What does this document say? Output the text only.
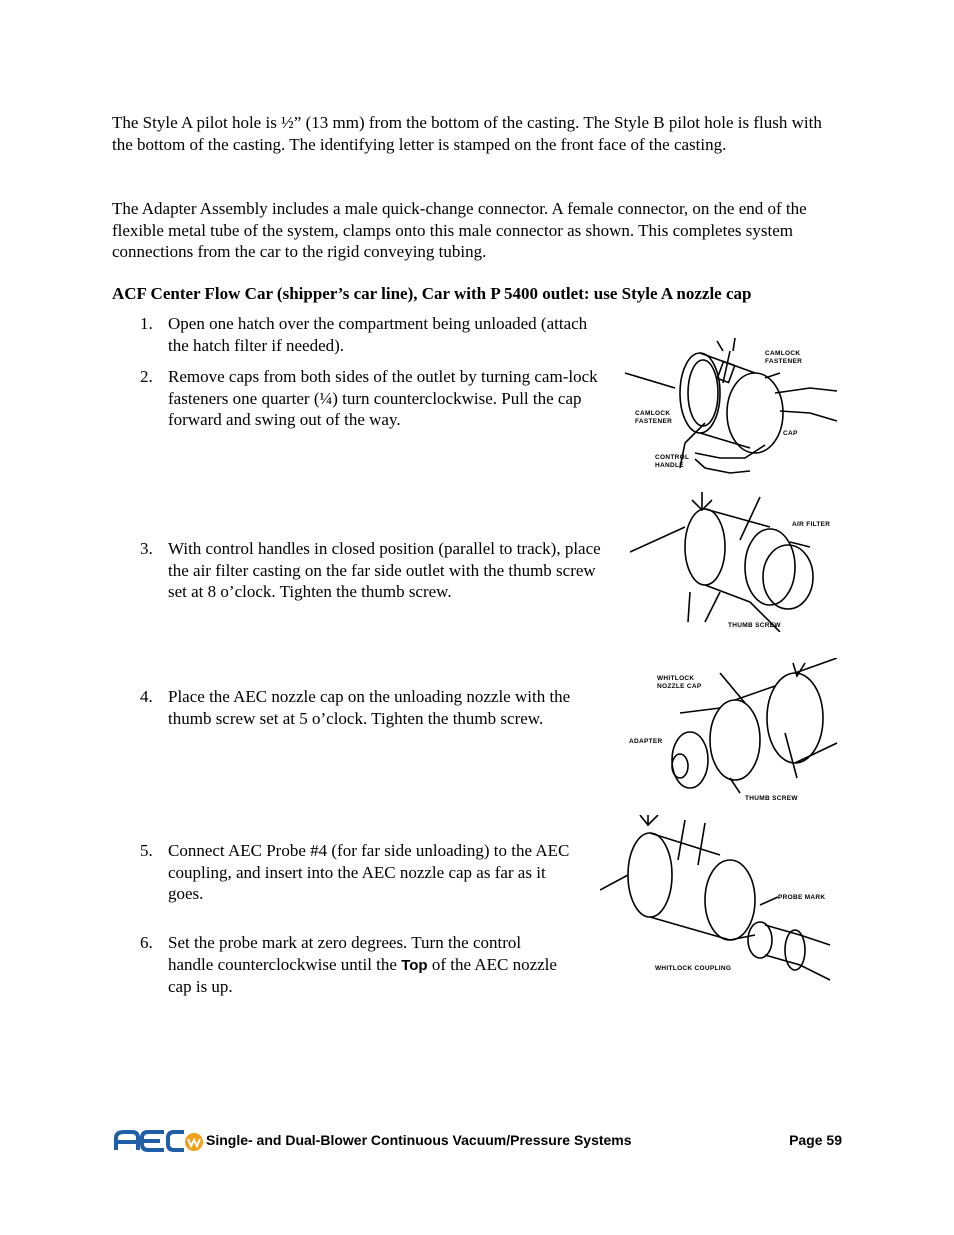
The Style A pilot hole is ½” (13 mm) from the bottom of the casting. The Style B pilot hole is flush with the bottom of the casting. The identifying letter is stamped on the front face of the casting.

The Adapter Assembly includes a male quick-change connector. A female connector, on the end of the flexible metal tube of the system, clamps onto this male connector as shown. This completes system connections from the car to the rigid conveying tubing.

ACF Center Flow Car (shipper’s car line), Car with P 5400 outlet: use Style A nozzle cap

1. Open one hatch over the compartment being unloaded (attach the hatch filter if needed).
2. Remove caps from both sides of the outlet by turning cam-lock fasteners one quarter (¼) turn counterclockwise. Pull the cap forward and swing out of the way.
3. With control handles in closed position (parallel to track), place the air filter casting on the far side outlet with the thumb screw set at 8 o’clock. Tighten the thumb screw.
4. Place the AEC nozzle cap on the unloading nozzle with the thumb screw set at 5 o’clock. Tighten the thumb screw.
5. Connect AEC Probe #4 (for far side unloading) to the AEC coupling, and insert into the AEC nozzle cap as far as it goes.
6. Set the probe mark at zero degrees. Turn the control handle counterclockwise until the Top of the AEC nozzle cap is up.
CAMLOCK
FASTENER
CAMLOCK
FASTENER
CAP
CONTROL
HANDLE
AIR FILTER
THUMB SCREW
WHITLOCK
NOZZLE CAP
ADAPTER
THUMB SCREW
PROBE MARK
WHITLOCK COUPLING
Single- and Dual-Blower Continuous Vacuum/Pressure Systems	Page 59
